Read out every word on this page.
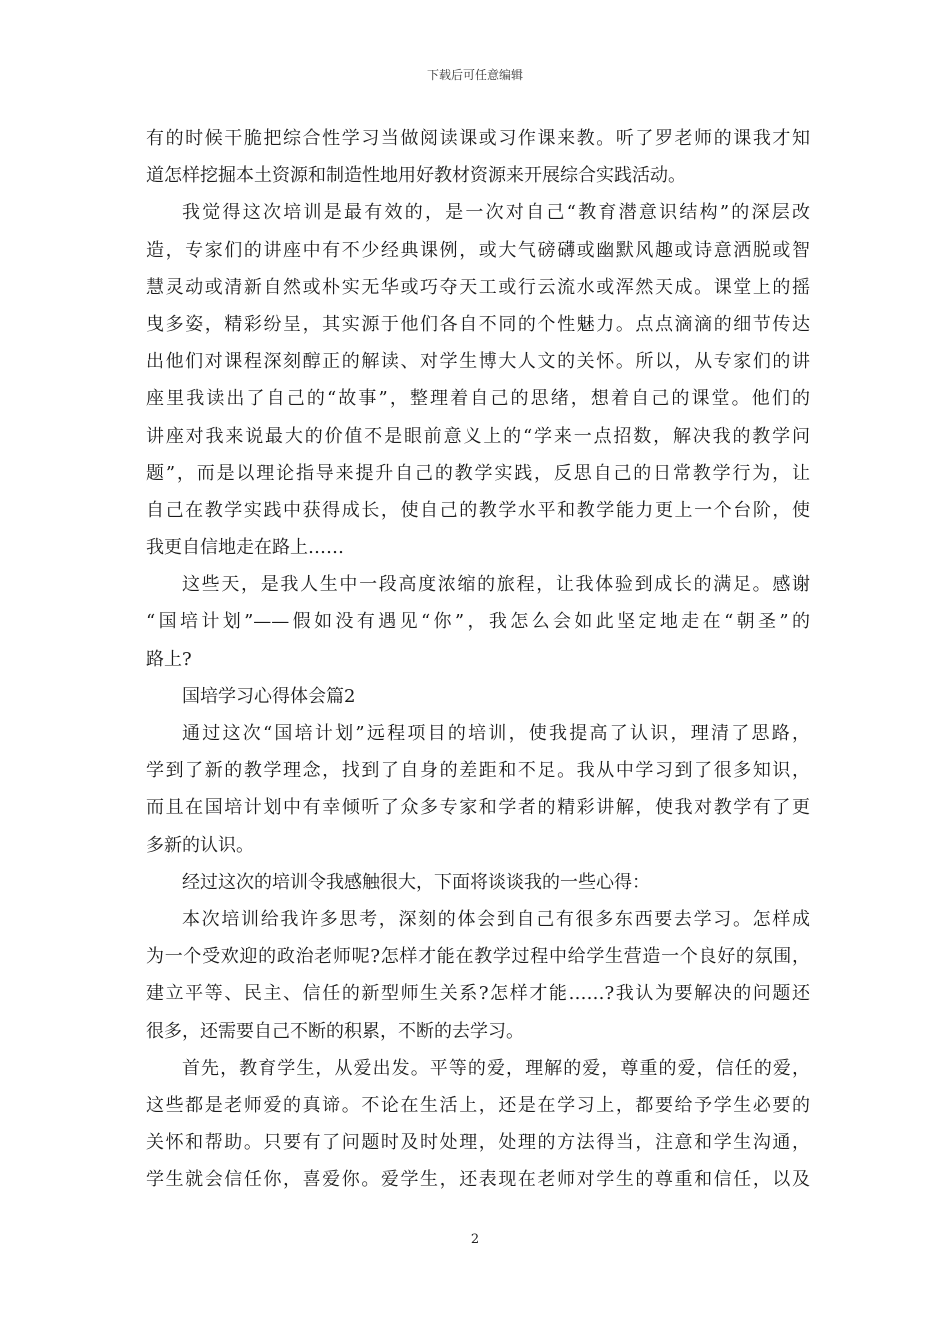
下载后可任意编辑
有的时候干脆把综合性学习当做阅读课或习作课来教。听了罗老师的课我才知
道怎样挖掘本土资源和制造性地用好教材资源来开展综合实践活动。
我觉得这次培训是最有效的，是一次对自己“教育潜意识结构”的深层改
造，专家们的讲座中有不少经典课例，或大气磅礴或幽默风趣或诗意洒脱或智
慧灵动或清新自然或朴实无华或巧夺天工或行云流水或浑然天成。课堂上的摇
曳多姿，精彩纷呈，其实源于他们各自不同的个性魅力。点点滴滴的细节传达
出他们对课程深刻醇正的解读、对学生博大人文的关怀。所以，从专家们的讲
座里我读出了自己的“故事”，整理着自己的思绪，想着自己的课堂。他们的
讲座对我来说最大的价值不是眼前意义上的“学来一点招数，解决我的教学问
题”，而是以理论指导来提升自己的教学实践，反思自己的日常教学行为，让
自己在教学实践中获得成长，使自己的教学水平和教学能力更上一个台阶，使
我更自信地走在路上……
这些天，是我人生中一段高度浓缩的旅程，让我体验到成长的满足。感谢
“国培计划”——假如没有遇见“你”，我怎么会如此坚定地走在“朝圣”的
路上?
国培学习心得体会篇2
通过这次“国培计划”远程项目的培训，使我提高了认识，理清了思路，
学到了新的教学理念，找到了自身的差距和不足。我从中学习到了很多知识，
而且在国培计划中有幸倾听了众多专家和学者的精彩讲解，使我对教学有了更
多新的认识。
经过这次的培训令我感触很大，下面将谈谈我的一些心得：
本次培训给我许多思考，深刻的体会到自己有很多东西要去学习。怎样成
为一个受欢迎的政治老师呢?怎样才能在教学过程中给学生营造一个良好的氛围，
建立平等、民主、信任的新型师生关系?怎样才能……?我认为要解决的问题还
很多，还需要自己不断的积累，不断的去学习。
首先，教育学生，从爱出发。平等的爱，理解的爱，尊重的爱，信任的爱，
这些都是老师爱的真谛。不论在生活上，还是在学习上，都要给予学生必要的
关怀和帮助。只要有了问题时及时处理，处理的方法得当，注意和学生沟通，
学生就会信任你，喜爱你。爱学生，还表现在老师对学生的尊重和信任，以及
2
